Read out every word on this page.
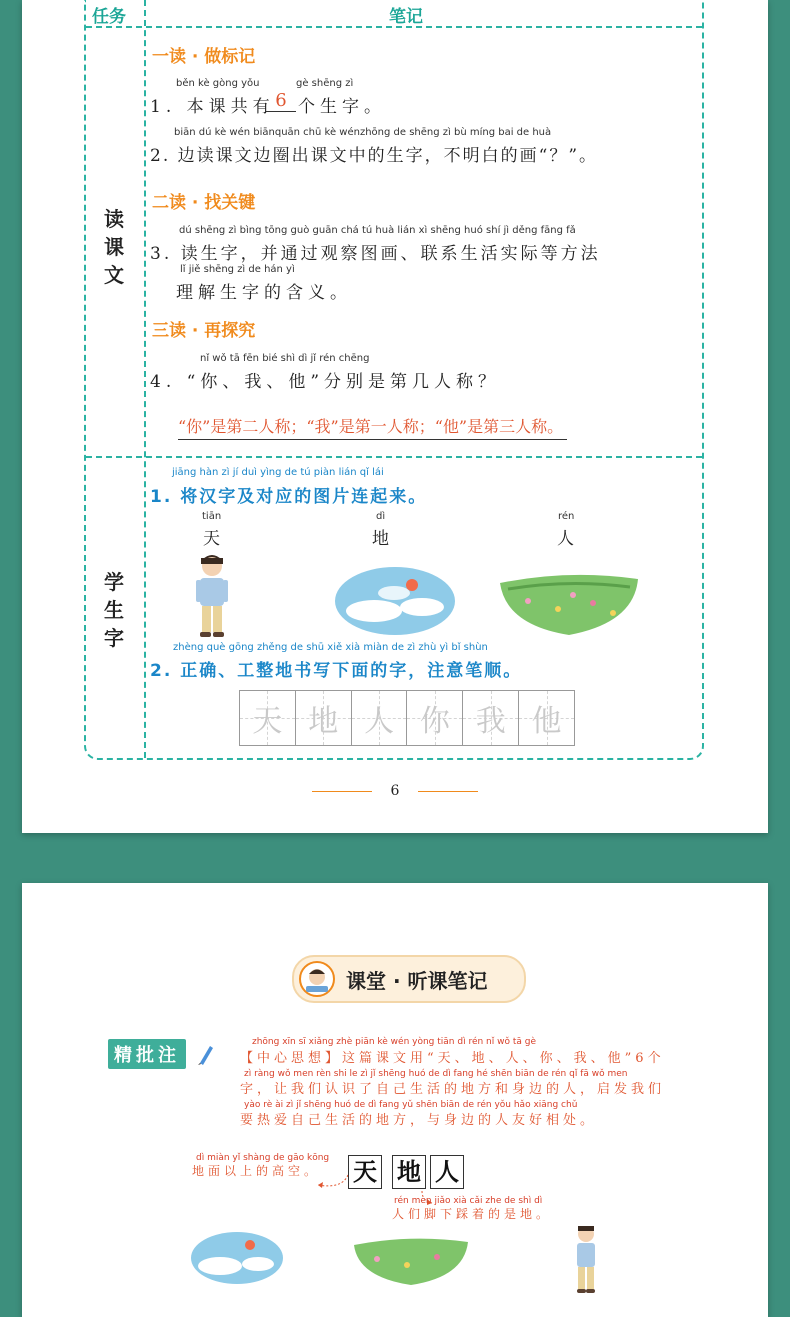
任务	笔记
读
课
文
学
生
字
一读 · 做标记
běn kè gòng yǒu	gè shēng zì
1. 本课共有 6 个生字。
biān dú kè wén biānquān chū kè wénzhōng de shēng zì bù míng bai de huà
2. 边读课文边圈出课文中的生字，不明白的画“？”。
二读 · 找关键
dú shēng zì bìng tōng guò guān chá tú huà lián xì shēng huó shí jì děng fāng fǎ
3. 读生字，并通过观察图画、联系生活实际等方法
lǐ jiě shēng zì de hán yì
理解生字的含义。
三读 · 再探究
nǐ wǒ tā fēn bié shì dì jǐ rén chēng
4. “你、我、他”分别是第几人称？
“你”是第二人称；“我”是第一人称；“他”是第三人称。
jiāng hàn zì jí duì yìng de tú piàn lián qǐ lái
1. 将汉字及对应的图片连起来。
tiān
天
dì
地
rén
人
zhèng què gōng zhěng de shū xiě xià miàn de zì zhù yì bǐ shùn
2. 正确、工整地书写下面的字，注意笔顺。
天 地 人 你 我 他
6
课堂 · 听课笔记
精批注
zhōng xīn sī xiǎng zhè piān kè wén yòng tiān dì rén nǐ wǒ tā gè
【中心思想】这篇课文用“天、地、人、你、我、他”6个
zì ràng wǒ men rèn shi le zì jǐ shēng huó de dì fang hé shēn biān de rén qǐ fā wǒ men
字，让我们认识了自己生活的地方和身边的人，启发我们
yào rè ài zì jǐ shēng huó de dì fang yǔ shēn biān de rén yǒu hǎo xiāng chǔ
要热爱自己生活的地方，与身边的人友好相处。
dì miàn yǐ shàng de gāo kōng
地面以上的高空。 天 地 人
rén men jiǎo xià cǎi zhe de shì dì
人们脚下踩着的是地。
